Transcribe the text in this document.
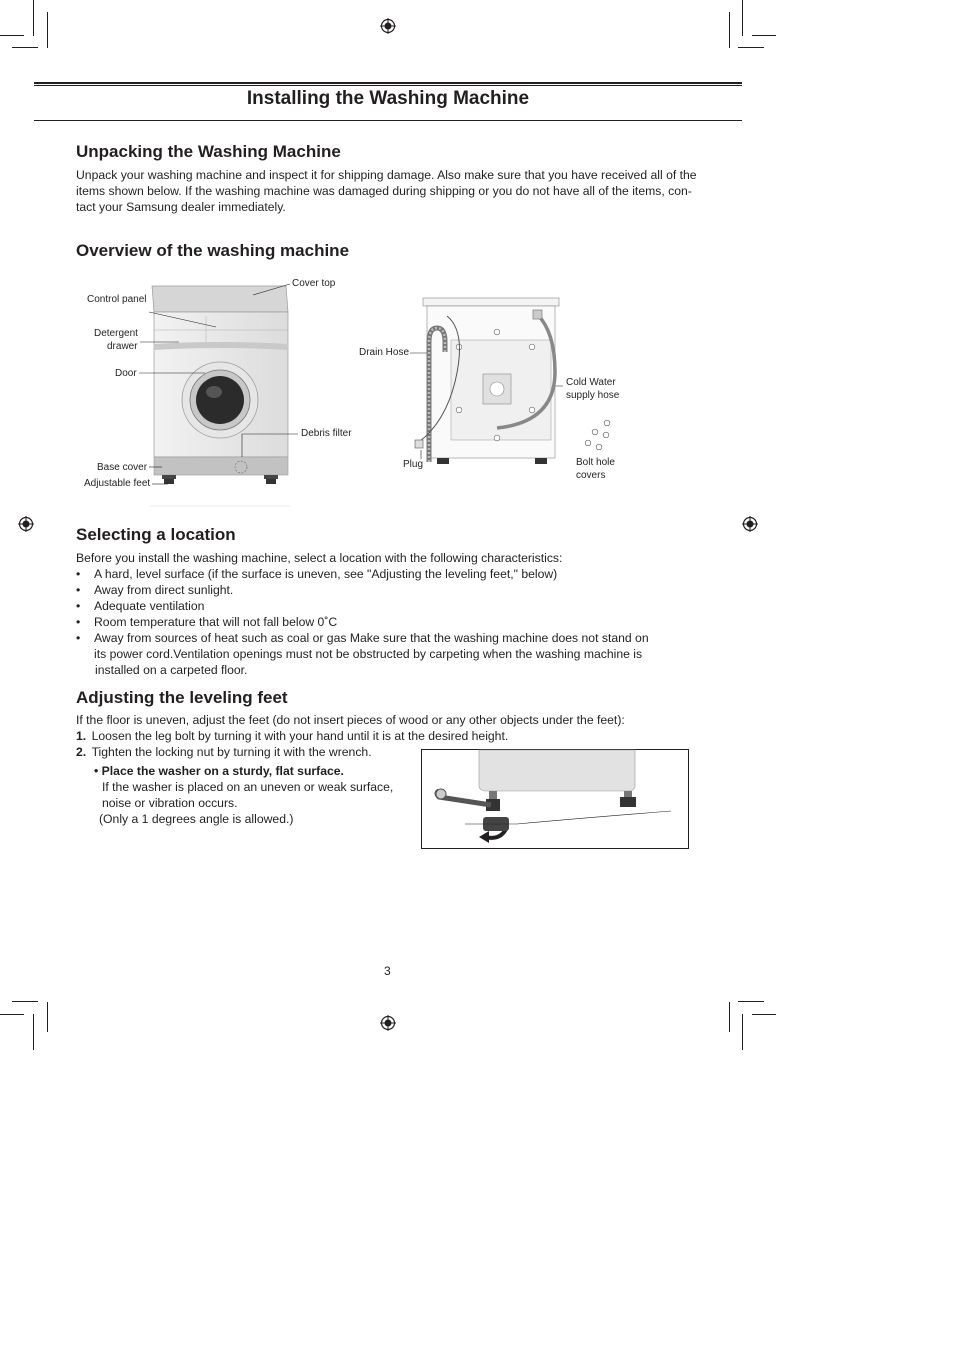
Installing the Washing Machine
Unpacking the Washing Machine
Unpack your washing machine and inspect it for shipping damage. Also make sure that you have received all of the
items shown below. If the washing machine was damaged during shipping or you do not have all of the items, con-
tact your Samsung dealer immediately.
Overview of the washing machine
Cover top
Control panel
Detergent
drawer
Door
Debris filter
Base cover
Adjustable feet
Drain Hose
Plug
Cold Water
supply hose
Bolt hole
covers
Selecting a location
Before you install the washing machine, select a location with the following characteristics:
• A hard, level surface (if the surface is uneven, see "Adjusting the leveling feet," below)
• Away from direct sunlight.
• Adequate ventilation
• Room temperature that will not fall below 0˚C
• Away from sources of heat such as coal or gas Make sure that the washing machine does not stand on
its power cord.Ventilation openings must not be obstructed by carpeting when the washing machine is
installed on a carpeted floor.
Adjusting the leveling feet
If the floor is uneven, adjust the feet (do not insert pieces of wood or any other objects under the feet):
1. Loosen the leg bolt by turning it with your hand until it is at the desired height.
2. Tighten the locking nut by turning it with the wrench.
• Place the washer on a sturdy, flat surface.
If the washer is placed on an uneven or weak surface,
noise or vibration occurs.
(Only a 1 degrees angle is allowed.)
3
